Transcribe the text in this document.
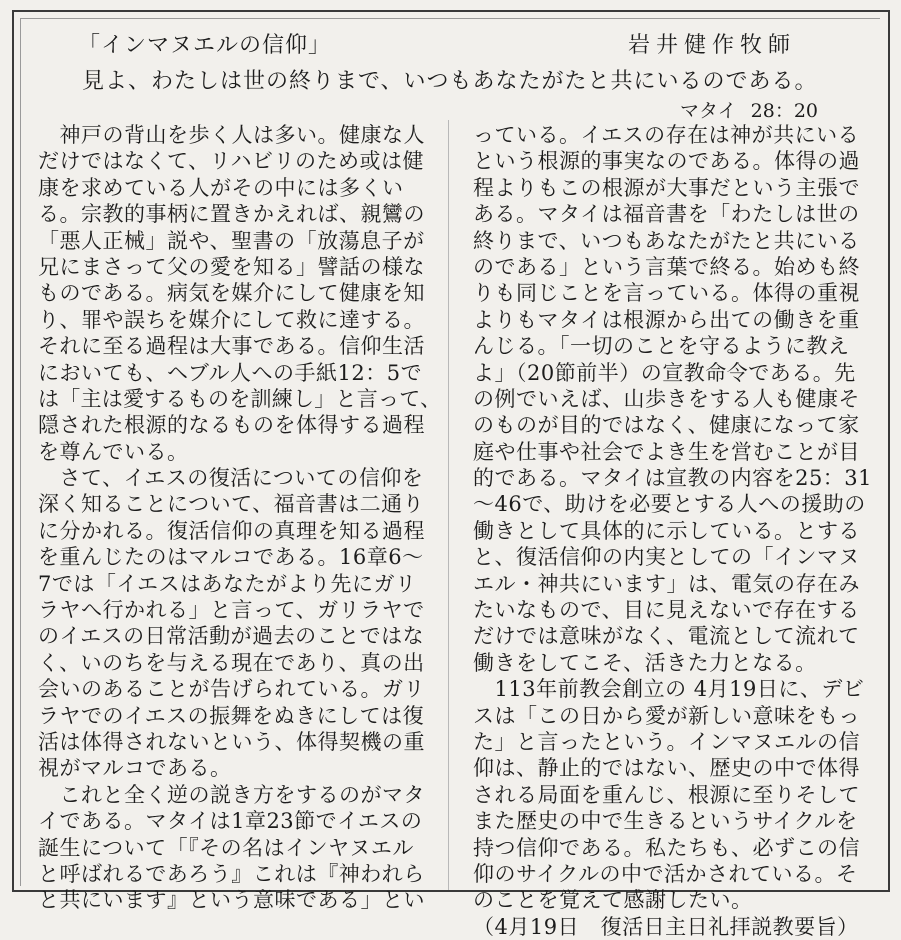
「インマヌエルの信仰」	岩井健作牧師
見よ、わたしは世の終りまで、いつもあなたがたと共にいるのである。
マタイ 28：20
　神戸の背山を歩く人は多い。健康な人
だけではなくて、リハビリのため或は健
康を求めている人がその中には多くい
る。宗教的事柄に置きかえれば、親鸞の
「悪人正械」説や、聖書の「放蕩息子が
兄にまさって父の愛を知る」譬話の様な
ものである。病気を媒介にして健康を知
り、罪や誤ちを媒介にして救に達する。
それに至る過程は大事である。信仰生活
においても、ヘブル人への手紙12：5で
は「主は愛するものを訓練し」と言って、
隠された根源的なるものを体得する過程
を尊んでいる。
　さて、イエスの復活についての信仰を
深く知ることについて、福音書は二通り
に分かれる。復活信仰の真理を知る過程
を重んじたのはマルコである。16章6〜
7では「イエスはあなたがより先にガリ
ラヤへ行かれる」と言って、ガリラヤで
のイエスの日常活動が過去のことではな
く、いのちを与える現在であり、真の出
会いのあることが告げられている。ガリ
ラヤでのイエスの振舞をぬきにしては復
活は体得されないという、体得契機の重
視がマルコである。
　これと全く逆の説き方をするのがマタ
イである。マタイは1章23節でイエスの
誕生について「『その名はインヤヌエル
と呼ばれるであろう』これは『神われら
と共にいます』という意味である」とい
っている。イエスの存在は神が共にいる
という根源的事実なのである。体得の過
程よりもこの根源が大事だという主張で
ある。マタイは福音書を「わたしは世の
終りまで、いつもあなたがたと共にいる
のである」という言葉で終る。始めも終
りも同じことを言っている。体得の重視
よりもマタイは根源から出ての働きを重
んじる。「一切のことを守るように教え
よ」（20節前半）の宣教命令である。先
の例でいえば、山歩きをする人も健康そ
のものが目的ではなく、健康になって家
庭や仕事や社会でよき生を営むことが目
的である。マタイは宣教の内容を25：31
〜46で、助けを必要とする人への援助の
働きとして具体的に示している。とする
と、復活信仰の内実としての「インマヌ
エル・神共にいます」は、電気の存在み
たいなもので、目に見えないで存在する
だけでは意味がなく、電流として流れて
働きをしてこそ、活きた力となる。
　113年前教会創立の 4月19日に、デビ
スは「この日から愛が新しい意味をもっ
た」と言ったという。インマヌエルの信
仰は、静止的ではない、歴史の中で体得
される局面を重んじ、根源に至りそして
また歴史の中で生きるというサイクルを
持つ信仰である。私たちも、必ずこの信
仰のサイクルの中で活かされている。そ
のことを覚えて感謝したい。
（4月19日　復活日主日礼拝説教要旨）
